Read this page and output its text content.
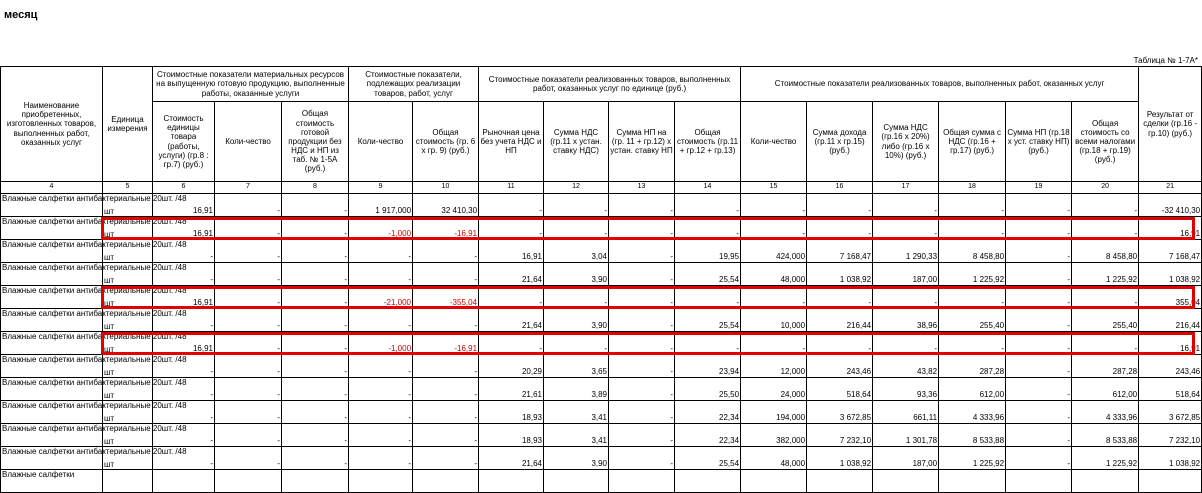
месяц
Таблица № 1-7А*
Наименование приобретенных, изготовленных товаров, выполненных работ, оказанных услуг	Единица измерения	Стоимостные показатели материальных ресурсов на выпущенную готовую продукцию, выполненные работы, оказанные услуги			Стоимостные показатели, подлежащих реализации товаров, работ, услуг		Стоимостные показатели реализованных товаров, выполненных работ, оказанных услуг по единице (руб.)				Стоимостные показатели реализованных товаров, выполненных работ, оказанных услуг						Результат от сделки (гр.16 - гр.10) (руб.)
		Стоимость единицы товара (работы, услуги) (гр.8 : гр.7) (руб.)	Коли-чество	Общая стоимость готовой продукции без НДС и НП из таб. № 1-5А (руб.)	Коли-чество	Общая стоимость (гр. 6 х гр. 9) (руб.)	Рыночная цена без учета НДС и НП	Сумма НДС (гр.11 х устан. ставку НДС)	Сумма НП на (гр. 11 + гр.12) х устан. ставку НП	Общая стоимость (гр.11 + гр.12 + гр.13)	Коли-чество	Сумма дохода (гр.11 х гр.15) (руб.)	Сумма НДС (гр.16 х 20%) либо (гр.16 х 10%) (руб.)	Общая сумма с НДС (гр.16 + гр.17) (руб.)	Сумма НП (гр.18 х уст. ставку НП) (руб.)	Общая стоимость со всеми налогами (гр.18 + гр.19) (руб.)	
4	5	6	7	8	9	10	11	12	13	14	15	16	17	18	19	20	21
Влажные салфетки антибактериальные 20шт. /48	шт	16,91	-	-	1 917,000	32 410,30	-	-	-	-	-	-	-	-	-	-	-32 410,30
Влажные салфетки антибактериальные 20шт. /48	шт	16,91	-	-	-1,000	-16,91	-	-	-	-	-	-	-	-	-	-	16,91
Влажные салфетки антибактериальные 20шт. /48	шт	-	-	-	-	-	16,91	3,04	-	19,95	424,000	7 168,47	1 290,33	8 458,80	-	8 458,80	7 168,47
Влажные салфетки антибактериальные 20шт. /48	шт	-	-	-	-	-	21,64	3,90	-	25,54	48,000	1 038,92	187,00	1 225,92	-	1 225,92	1 038,92
Влажные салфетки антибактериальные 20шт. /48	шт	16,91	-	-	-21,000	-355,04	-	-	-	-	-	-	-	-	-	-	355,04
Влажные салфетки антибактериальные 20шт. /48	шт	-	-	-	-	-	21,64	3,90	-	25,54	10,000	216,44	38,96	255,40	-	255,40	216,44
Влажные салфетки антибактериальные 20шт. /48	шт	16,91	-	-	-1,000	-16,91	-	-	-	-	-	-	-	-	-	-	16,91
Влажные салфетки антибактериальные 20шт. /48	шт	-	-	-	-	-	20,29	3,65	-	23,94	12,000	243,46	43,82	287,28	-	287,28	243,46
Влажные салфетки антибактериальные 20шт. /48	шт	-	-	-	-	-	21,61	3,89	-	25,50	24,000	518,64	93,36	612,00	-	612,00	518,64
Влажные салфетки антибактериальные 20шт. /48	шт	-	-	-	-	-	18,93	3,41	-	22,34	194,000	3 672,85	661,11	4 333,96	-	4 333,96	3 672,85
Влажные салфетки антибактериальные 20шт. /48	шт	-	-	-	-	-	18,93	3,41	-	22,34	382,000	7 232,10	1 301,78	8 533,88	-	8 533,88	7 232,10
Влажные салфетки антибактериальные 20шт. /48	шт	-	-	-	-	-	21,64	3,90	-	25,54	48,000	1 038,92	187,00	1 225,92	-	1 225,92	1 038,92
Влажные салфетки																	
